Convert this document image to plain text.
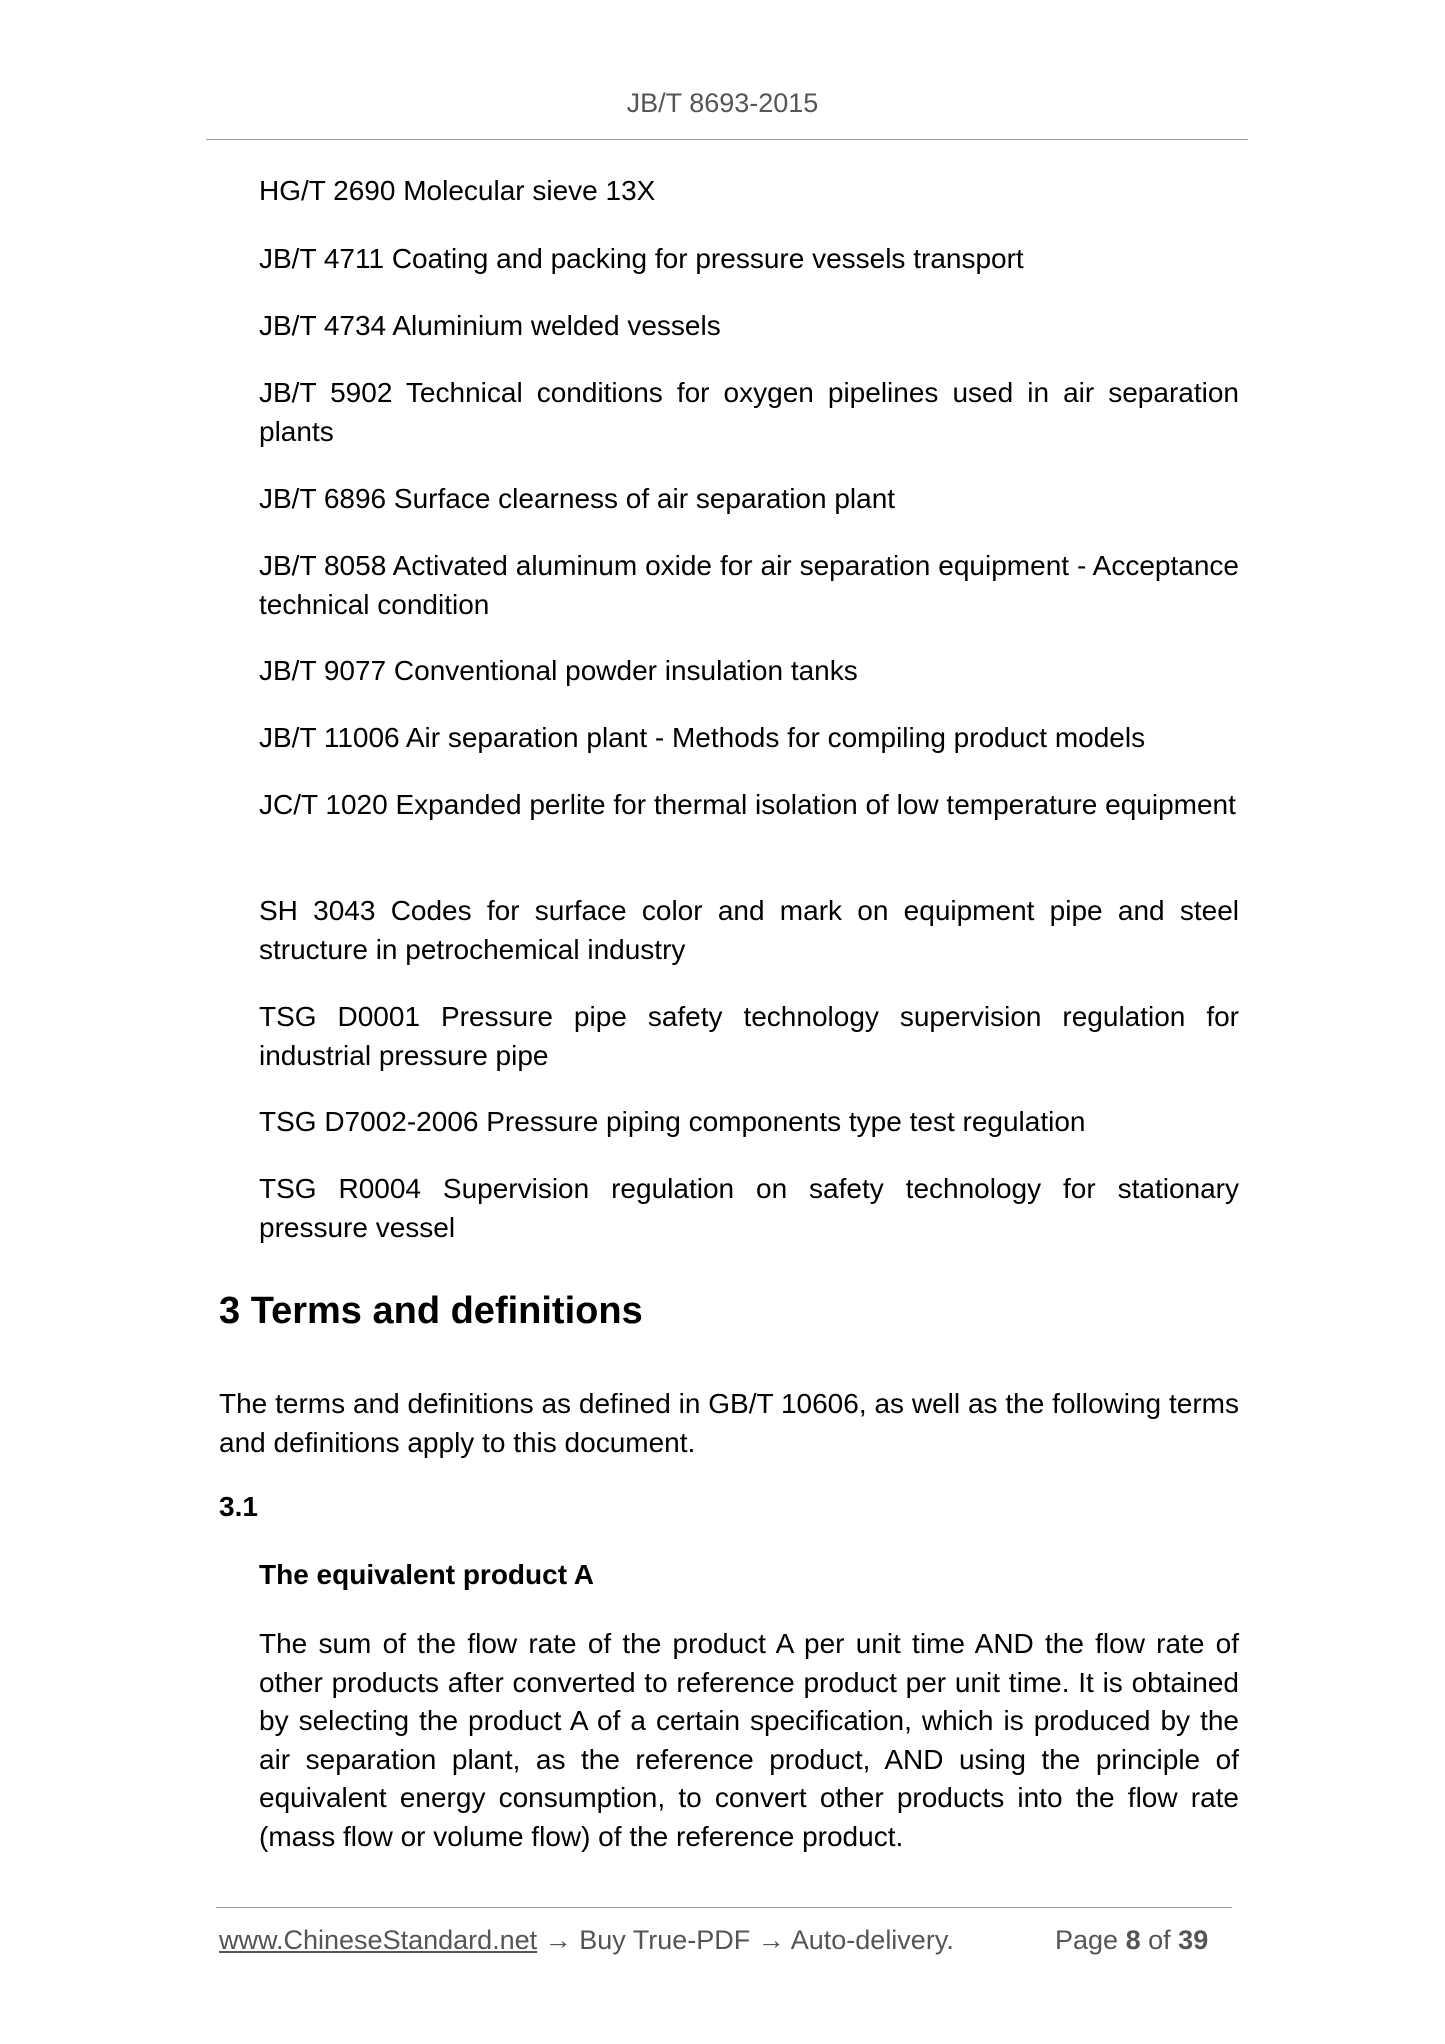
JB/T 8693-2015
HG/T 2690 Molecular sieve 13X
JB/T 4711 Coating and packing for pressure vessels transport
JB/T 4734 Aluminium welded vessels
JB/T 5902 Technical conditions for oxygen pipelines used in air separation plants
JB/T 6896 Surface clearness of air separation plant
JB/T 8058 Activated aluminum oxide for air separation equipment - Acceptance technical condition
JB/T 9077 Conventional powder insulation tanks
JB/T 11006 Air separation plant - Methods for compiling product models
JC/T 1020 Expanded perlite for thermal isolation of low temperature equipment
SH 3043 Codes for surface color and mark on equipment pipe and steel structure in petrochemical industry
TSG D0001 Pressure pipe safety technology supervision regulation for industrial pressure pipe
TSG D7002-2006 Pressure piping components type test regulation
TSG R0004 Supervision regulation on safety technology for stationary pressure vessel
3 Terms and definitions
The terms and definitions as defined in GB/T 10606, as well as the following terms and definitions apply to this document.
3.1
The equivalent product A
The sum of the flow rate of the product A per unit time AND the flow rate of other products after converted to reference product per unit time. It is obtained by selecting the product A of a certain specification, which is produced by the air separation plant, as the reference product, AND using the principle of equivalent energy consumption, to convert other products into the flow rate (mass flow or volume flow) of the reference product.
www.ChineseStandard.net → Buy True-PDF → Auto-delivery.	Page 8 of 39
